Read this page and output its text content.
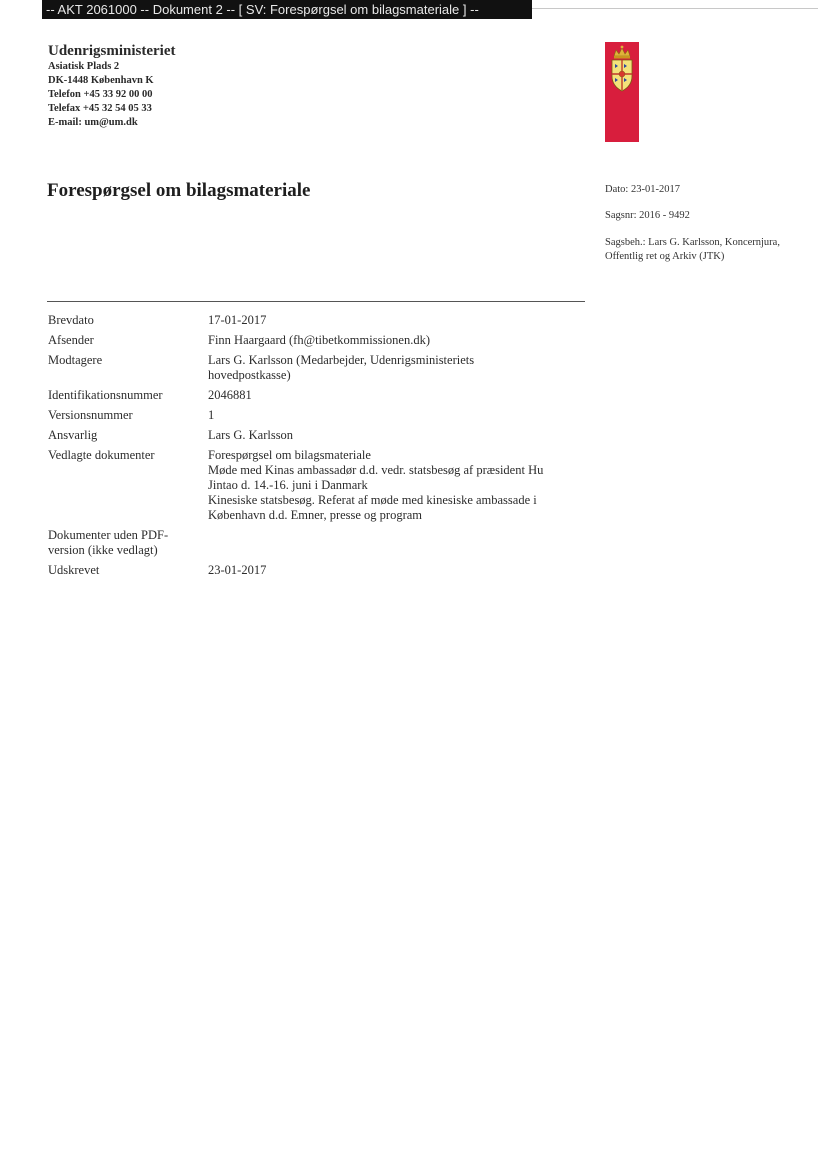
-- AKT 2061000 -- Dokument 2 -- [ SV: Forespørgsel om bilagsmateriale ] --
Udenrigsministeriet
Asiatisk Plads 2
DK-1448 København K
Telefon +45 33 92 00 00
Telefax +45 32 54 05 33
E-mail: um@um.dk
Forespørgsel om bilagsmateriale	Dato: 23-01-2017
Sagsnr: 2016 - 9492
Sagsbeh.: Lars G. Karlsson, Koncernjura, Offentlig ret og Arkiv (JTK)
Brevdato	17-01-2017
Afsender	Finn Haargaard (fh@tibetkommissionen.dk)
Modtagere	Lars G. Karlsson (Medarbejder, Udenrigsministeriets
hovedpostkasse)

Identifikationsnummer	2046881
Versionsnummer	1
Ansvarlig	Lars G. Karlsson
Vedlagte dokumenter	Forespørgsel om bilagsmateriale
Møde med Kinas ambassadør d.d. vedr. statsbesøg af præsident Hu
Jintao d. 14.-16. juni i Danmark
Kinesiske statsbesøg. Referat af møde med kinesiske ambassade i
København d.d. Emner, presse og program

Dokumenter uden PDF-
version (ikke vedlagt)	

Udskrevet	23-01-2017
